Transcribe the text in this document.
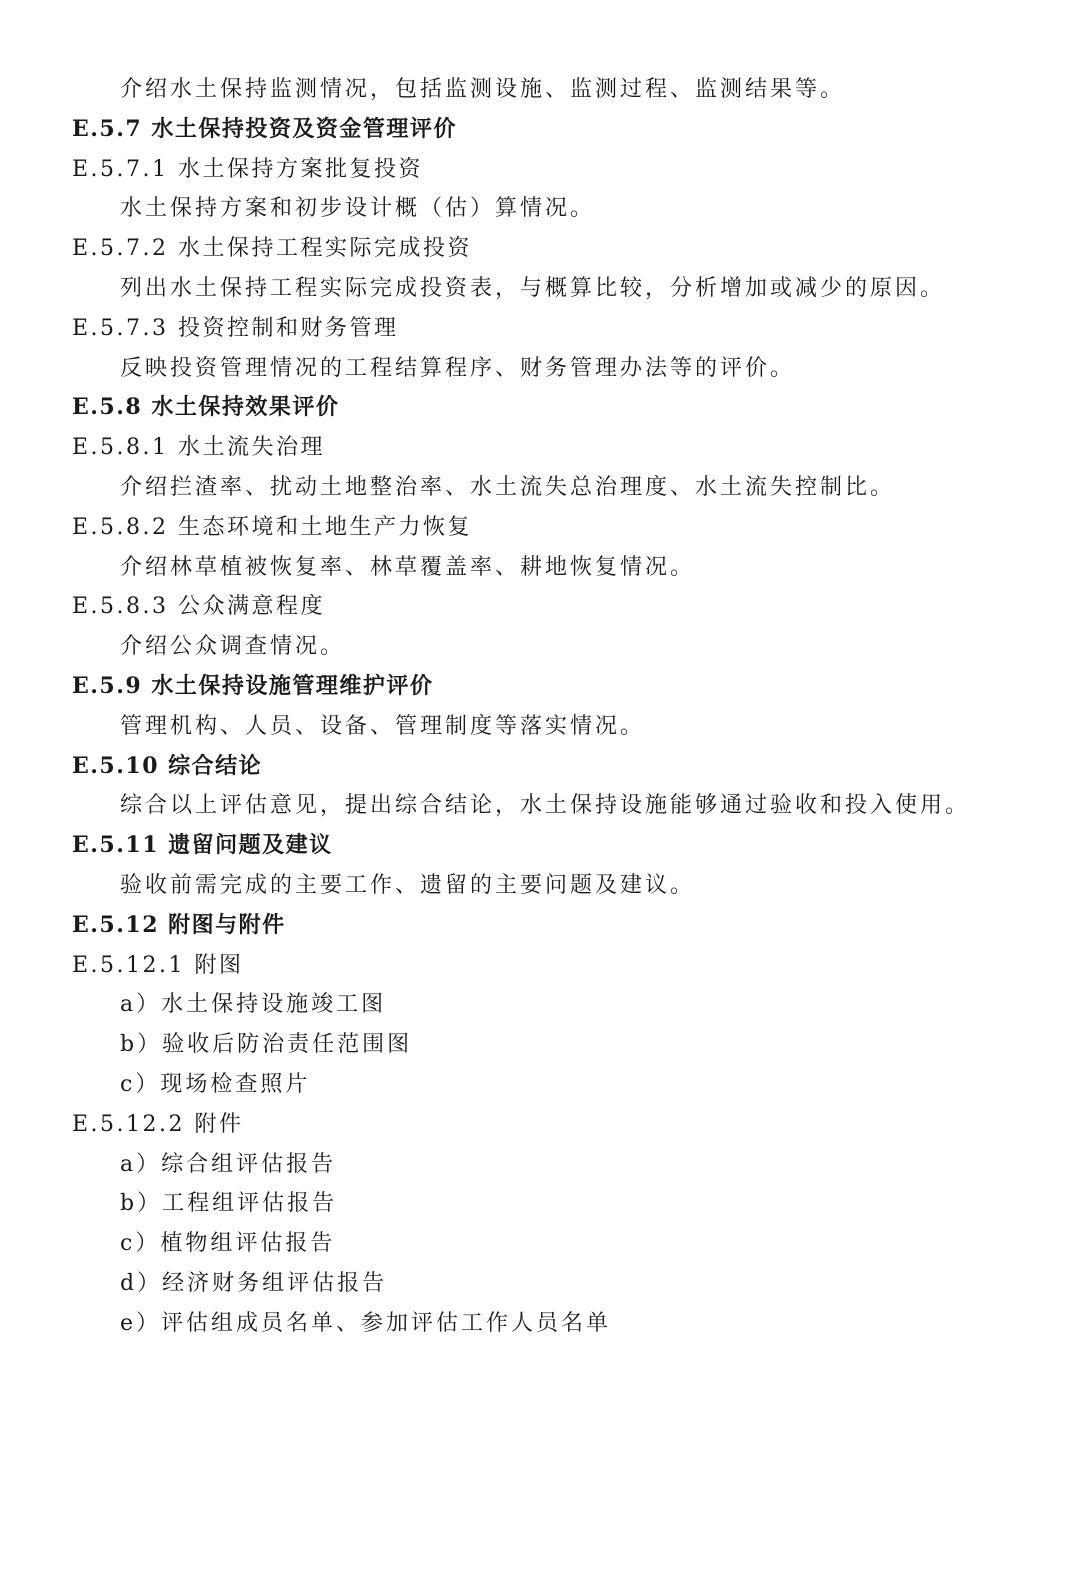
介绍水土保持监测情况，包括监测设施、监测过程、监测结果等。
E.5.7 水土保持投资及资金管理评价
E.5.7.1 水土保持方案批复投资
水土保持方案和初步设计概（估）算情况。
E.5.7.2 水土保持工程实际完成投资
列出水土保持工程实际完成投资表，与概算比较，分析增加或减少的原因。
E.5.7.3 投资控制和财务管理
反映投资管理情况的工程结算程序、财务管理办法等的评价。
E.5.8 水土保持效果评价
E.5.8.1 水土流失治理
介绍拦渣率、扰动土地整治率、水土流失总治理度、水土流失控制比。
E.5.8.2 生态环境和土地生产力恢复
介绍林草植被恢复率、林草覆盖率、耕地恢复情况。
E.5.8.3 公众满意程度
介绍公众调查情况。
E.5.9 水土保持设施管理维护评价
管理机构、人员、设备、管理制度等落实情况。
E.5.10 综合结论
综合以上评估意见，提出综合结论，水土保持设施能够通过验收和投入使用。
E.5.11 遗留问题及建议
验收前需完成的主要工作、遗留的主要问题及建议。
E.5.12 附图与附件
E.5.12.1 附图
a）水土保持设施竣工图
b）验收后防治责任范围图
c）现场检查照片
E.5.12.2 附件
a）综合组评估报告
b）工程组评估报告
c）植物组评估报告
d）经济财务组评估报告
e）评估组成员名单、参加评估工作人员名单
